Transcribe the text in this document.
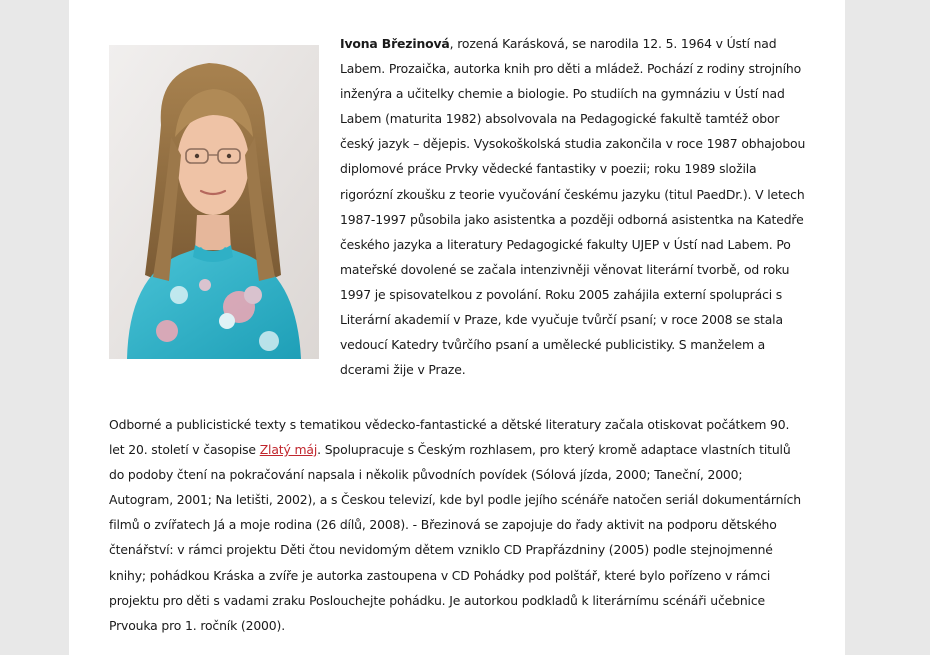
Ivona Březinová, rozená Karásková, se narodila 12. 5. 1964 v Ústí nad Labem. Prozaička, autorka knih pro děti a mládež. Pochází z rodiny strojního inženýra a učitelky chemie a biologie. Po studiích na gymnáziu v Ústí nad Labem (maturita 1982) absolvovala na Pedagogické fakultě tamtéž obor český jazyk – dějepis. Vysokoškolská studia zakončila v roce 1987 obhajobou diplomové práce Prvky vědecké fantastiky v poezii; roku 1989 složila rigorózní zkoušku z teorie vyučování českému jazyku (titul PaedDr.). V letech 1987-1997 působila jako asistentka a později odborná asistentka na Katedře českého jazyka a literatury Pedagogické fakulty UJEP v Ústí nad Labem. Po mateřské dovolené se začala intenzivněji věnovat literární tvorbě, od roku 1997 je spisovatelkou z povolání. Roku 2005 zahájila externí spolupráci s Literární akademií v Praze, kde vyučuje tvůrčí psaní; v roce 2008 se stala vedoucí Katedry tvůrčího psaní a umělecké publicistiky. S manželem a dcerami žije v Praze.

Odborné a publicistické texty s tematikou vědecko-fantastické a dětské literatury začala otiskovat počátkem 90. let 20. století v časopise Zlatý máj. Spolupracuje s Českým rozhlasem, pro který kromě adaptace vlastních titulů do podoby čtení na pokračování napsala i několik původních povídek (Sólová jízda, 2000; Taneční, 2000; Autogram, 2001; Na letišti, 2002), a s Českou televizí, kde byl podle jejího scénáře natočen seriál dokumentárních filmů o zvířatech Já a moje rodina (26 dílů, 2008). - Březinová se zapojuje do řady aktivit na podporu dětského čtenářství: v rámci projektu Děti čtou nevidomým dětem vzniklo CD Prapřázdniny (2005) podle stejnojmenné knihy; pohádkou Kráska a zvíře je autorka zastoupena v CD Pohádky pod polštář, které bylo pořízeno v rámci projektu pro děti s vadami zraku Poslouchejte pohádku. Je autorkou podkladů k literárnímu scénáři učebnice Prvouka pro 1. ročník (2000).
